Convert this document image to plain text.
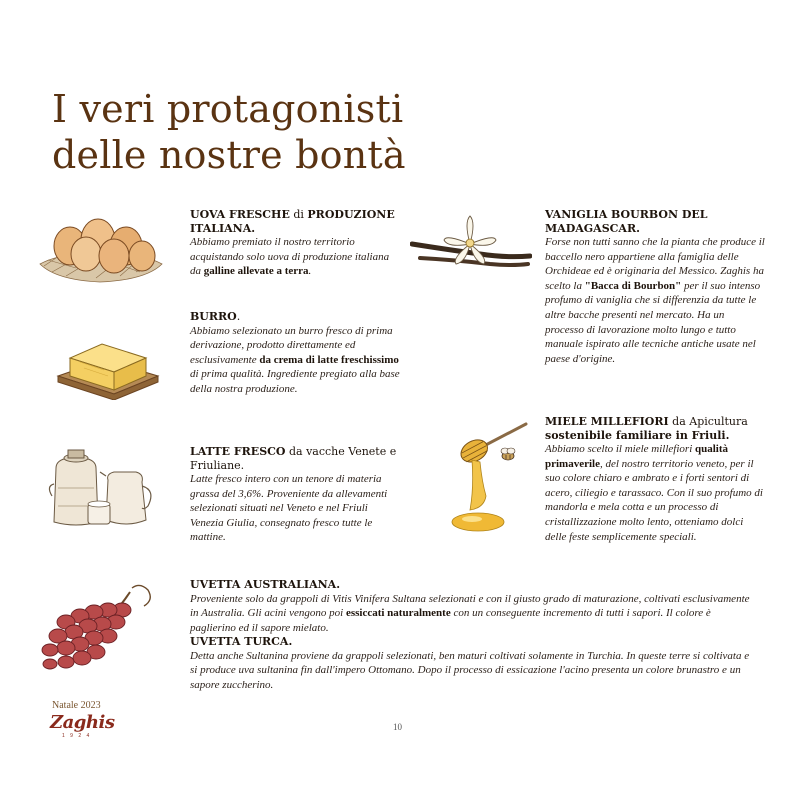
I veri protagonisti
delle nostre bontà
UOVA FRESCHE di PRODUZIONE ITALIANA.
Abbiamo premiato il nostro territorio acquistando solo uova di produzione italiana da galline allevate a terra.
BURRO.
Abbiamo selezionato un burro fresco di prima derivazione, prodotto direttamente ed esclusivamente da crema di latte freschissimo di prima qualità. Ingrediente pregiato alla base della nostra produzione.
LATTE FRESCO da vacche Venete e Friuliane.
Latte fresco intero con un tenore di materia grassa del 3,6%. Proveniente da allevamenti selezionati situati nel Veneto e nel Friuli Venezia Giulia, consegnato fresco tutte le mattine.
VANIGLIA BOURBON DEL MADAGASCAR.
Forse non tutti sanno che la pianta che produce il baccello nero appartiene alla famiglia delle Orchideae ed è originaria del Messico. Zaghis ha scelto la "Bacca di Bourbon" per il suo intenso profumo di vaniglia che si differenzia da tutte le altre bacche presenti nel mercato. Ha un processo di lavorazione molto lungo e tutto manuale ispirato alle tecniche antiche usate nel paese d'origine.
MIELE MILLEFIORI da Apicultura sostenibile familiare in Friuli.
Abbiamo scelto il miele millefiori qualità primaverile, del nostro territorio veneto, per il suo colore chiaro e ambrato e i forti sentori di acero, ciliegio e tarassaco. Con il suo profumo di mandorla e mela cotta e un processo di cristallizzazione molto lento, otteniamo dolci delle feste semplicemente speciali.
UVETTA AUSTRALIANA.
Proveniente solo da grappoli di Vitis Vinifera Sultana selezionati e con il giusto grado di maturazione, coltivati esclusivamente in Australia. Gli acini vengono poi essiccati naturalmente con un conseguente incremento di tutti i sapori. Il colore è paglierino ed il sapore mielato.
UVETTA TURCA.
Detta anche Sultanina proviene da grappoli selezionati, ben maturi coltivati solamente in Turchia. In queste terre si coltivata e si produce uva sultanina fin dall'impero Ottomano. Dopo il processo di essicazione l'acino presenta un colore brunastro e un sapore zuccherino.
Natale 2023
Zaghis
1 9 2 4
10
